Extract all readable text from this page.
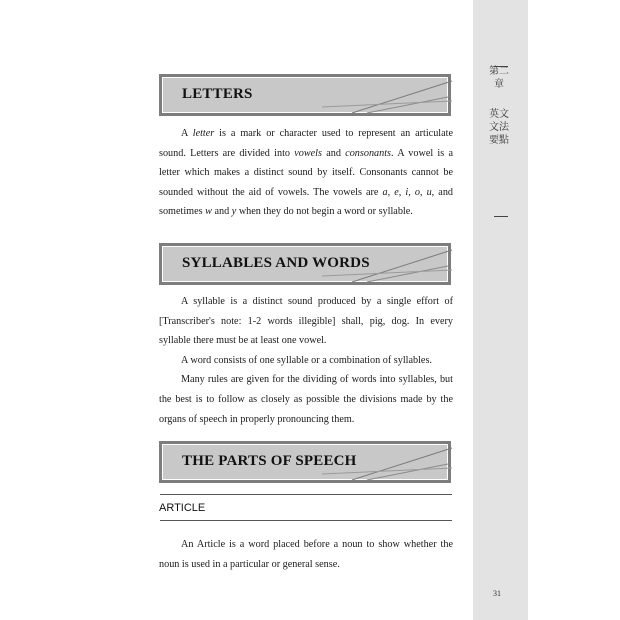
第二章
英文文法要點
31
LETTERS

A letter is a mark or character used to represent an articulate sound. Letters are divided into vowels and consonants. A vowel is a letter which makes a distinct sound by itself. Consonants cannot be sounded without the aid of vowels. The vowels are a, e, i, o, u, and sometimes w and y when they do not begin a word or syllable.

SYLLABLES AND WORDS

A syllable is a distinct sound produced by a single effort of [Transcriber's note: 1-2 words illegible] shall, pig, dog. In every syllable there must be at least one vowel.

A word consists of one syllable or a combination of syllables.

Many rules are given for the dividing of words into syllables, but the best is to follow as closely as possible the divisions made by the organs of speech in properly pronouncing them.

THE PARTS OF SPEECH
ARTICLE

An Article is a word placed before a noun to show whether the noun is used in a particular or general sense.
